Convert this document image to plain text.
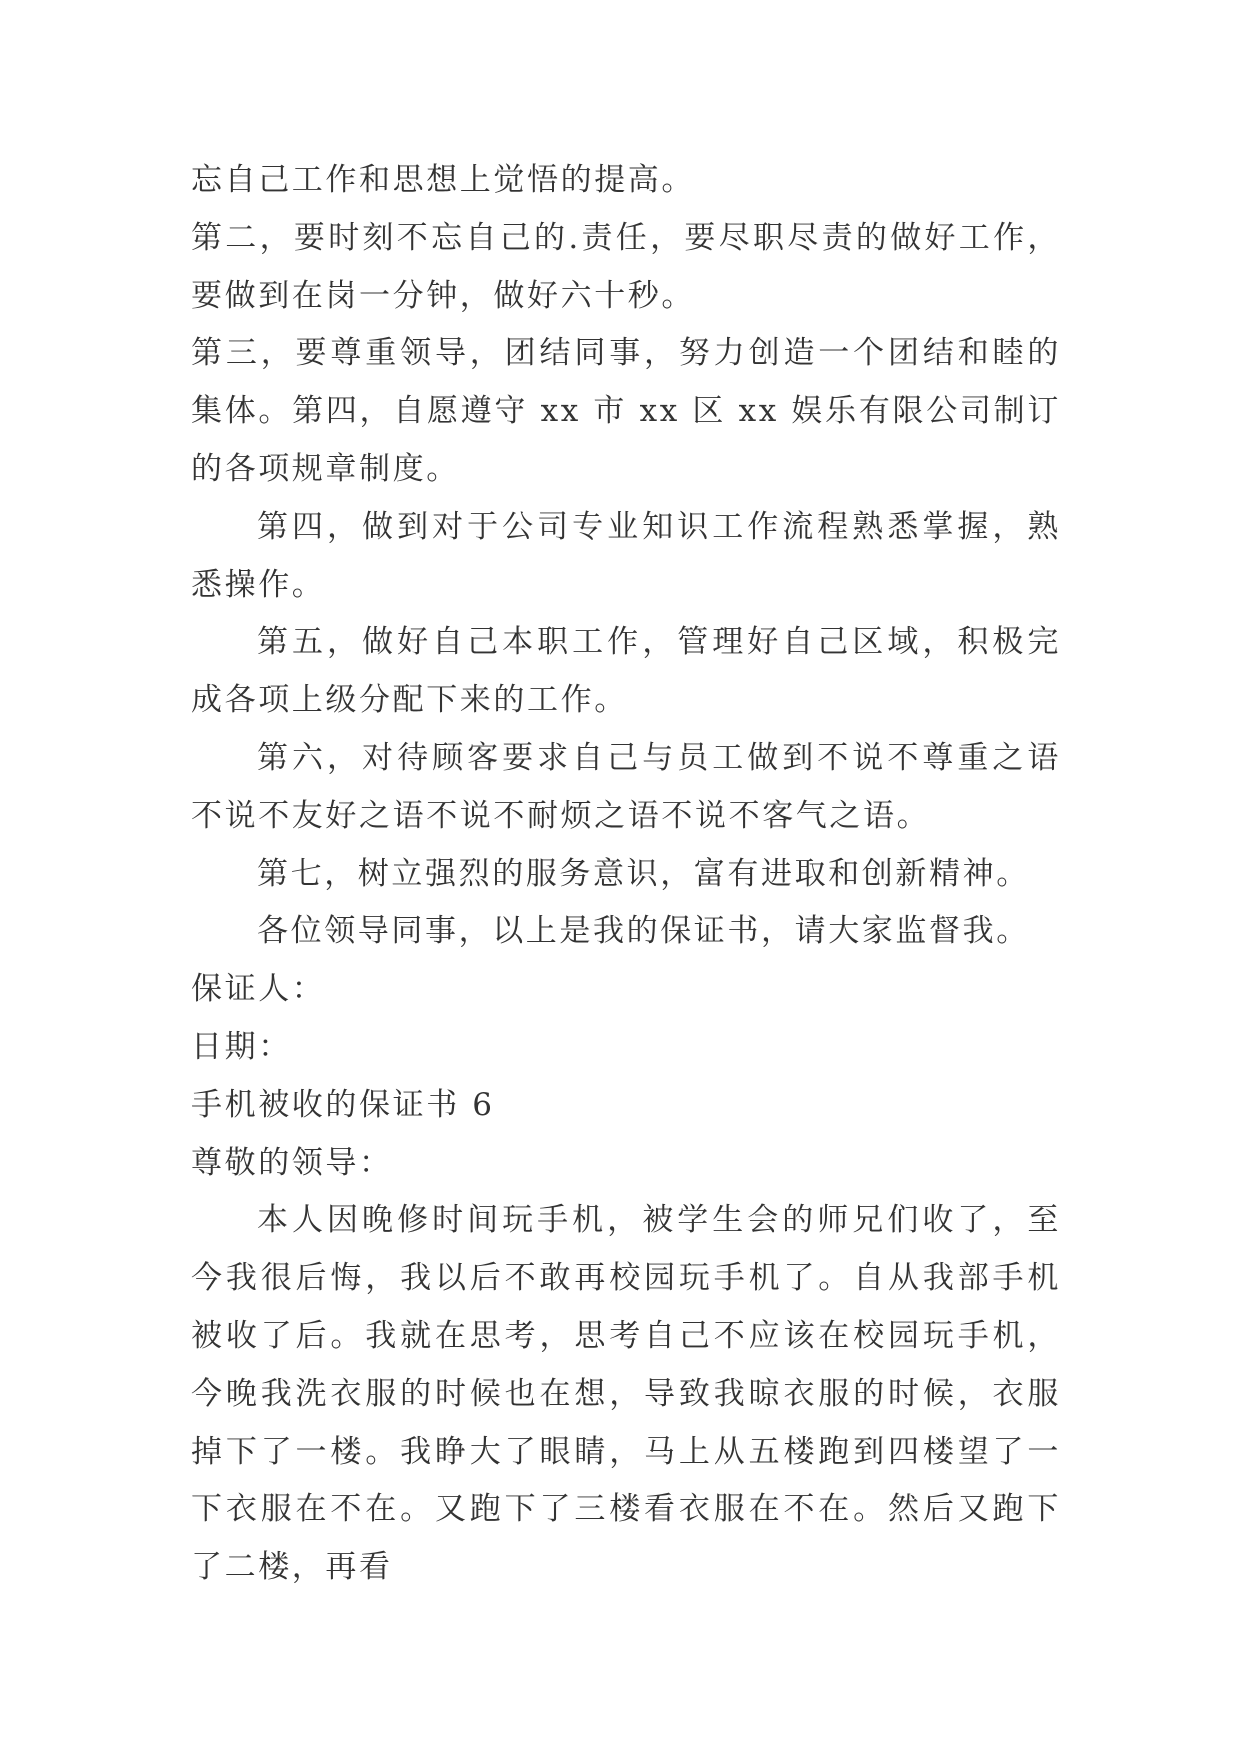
忘自己工作和思想上觉悟的提高。

第二，要时刻不忘自己的.责任，要尽职尽责的做好工作，要做到在岗一分钟，做好六十秒。

第三，要尊重领导，团结同事，努力创造一个团结和睦的集体。第四，自愿遵守 xx 市 xx 区 xx 娱乐有限公司制订的各项规章制度。

第四，做到对于公司专业知识工作流程熟悉掌握，熟悉操作。

第五，做好自己本职工作，管理好自己区域，积极完成各项上级分配下来的工作。

第六，对待顾客要求自己与员工做到不说不尊重之语不说不友好之语不说不耐烦之语不说不客气之语。

第七，树立强烈的服务意识，富有进取和创新精神。

各位领导同事，以上是我的保证书，请大家监督我。

保证人：

日期：

手机被收的保证书 6

尊敬的领导：

本人因晚修时间玩手机，被学生会的师兄们收了，至今我很后悔，我以后不敢再校园玩手机了。自从我部手机被收了后。我就在思考，思考自己不应该在校园玩手机，今晚我洗衣服的时候也在想，导致我晾衣服的时候，衣服掉下了一楼。我睁大了眼睛，马上从五楼跑到四楼望了一下衣服在不在。又跑下了三楼看衣服在不在。然后又跑下了二楼，再看
